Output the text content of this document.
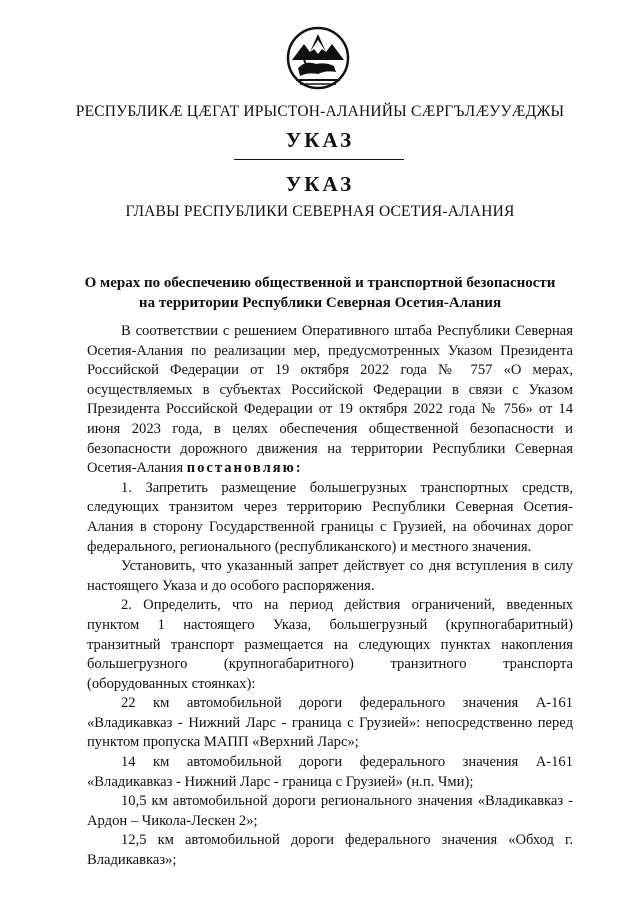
РЕСПУБЛИКӔ ЦӔГАТ ИРЫСТОН-АЛАНИЙЫ СӔРГЪЛӔУУӔДЖЫ
УКАЗ
УКАЗ
ГЛАВЫ РЕСПУБЛИКИ СЕВЕРНАЯ ОСЕТИЯ-АЛАНИЯ
О мерах по обеспечению общественной и транспортной безопасности
на территории Республики Северная Осетия-Алания

В соответствии с решением Оперативного штаба Республики Северная Осетия-Алания по реализации мер, предусмотренных Указом Президента Российской Федерации от 19 октября 2022 года № 757 «О мерах, осуществляемых в субъектах Российской Федерации в связи с Указом Президента Российской Федерации от 19 октября 2022 года № 756» от 14 июня 2023 года, в целях обеспечения общественной безопасности и безопасности дорожного движения на территории Республики Северная Осетия-Алания постановляю:

1. Запретить размещение большегрузных транспортных средств, следующих транзитом через территорию Республики Северная Осетия-Алания в сторону Государственной границы с Грузией, на обочинах дорог федерального, регионального (республиканского) и местного значения.

Установить, что указанный запрет действует со дня вступления в силу настоящего Указа и до особого распоряжения.

2. Определить, что на период действия ограничений, введенных пунктом 1 настоящего Указа, большегрузный (крупногабаритный) транзитный транспорт размещается на следующих пунктах накопления большегрузного (крупногабаритного) транзитного транспорта (оборудованных стоянках):

22 км автомобильной дороги федерального значения А-161 «Владикавказ - Нижний Ларс - граница с Грузией»: непосредственно перед пунктом пропуска МАПП «Верхний Ларс»;

14 км автомобильной дороги федерального значения А-161 «Владикавказ - Нижний Ларс - граница с Грузией» (н.п. Чми);

10,5 км автомобильной дороги регионального значения «Владикавказ - Ардон – Чикола-Лескен 2»;

12,5 км автомобильной дороги федерального значения «Обход г. Владикавказ»;
